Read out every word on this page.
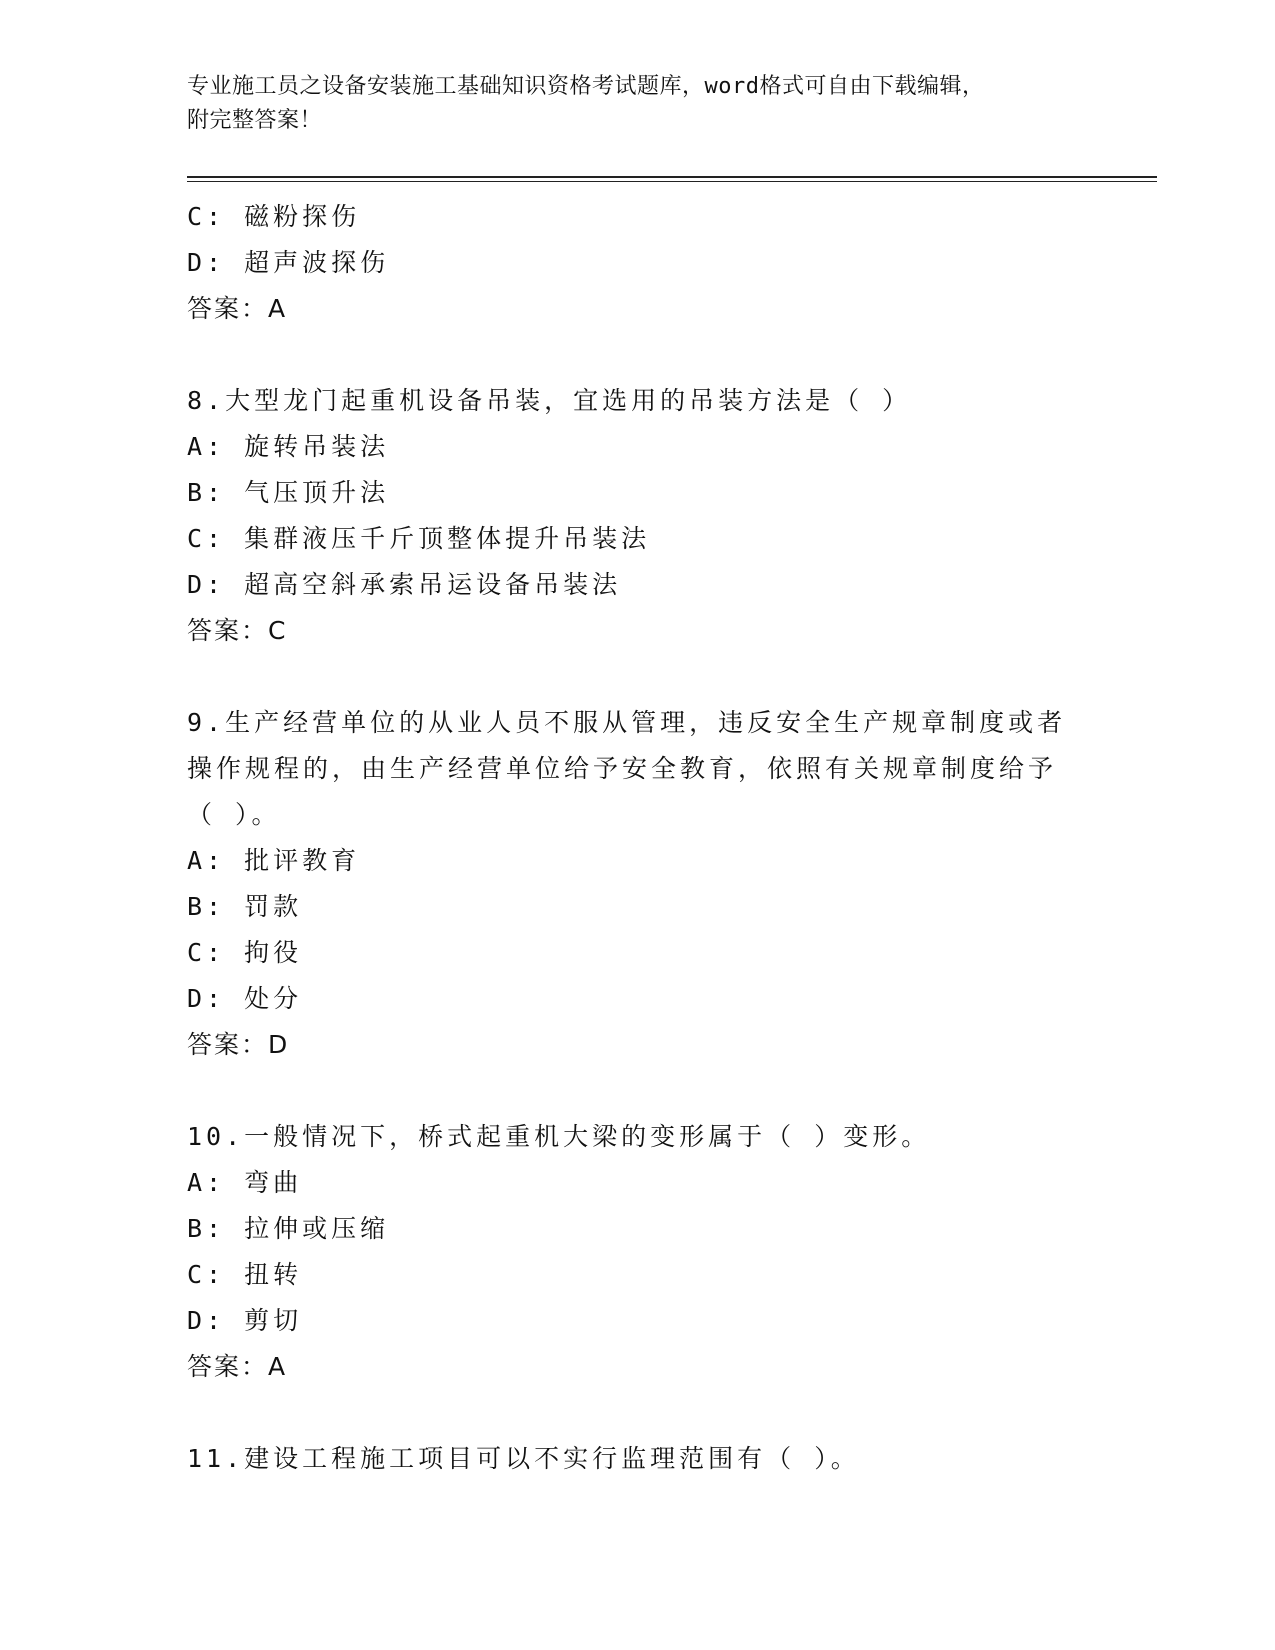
专业施工员之设备安装施工基础知识资格考试题库，word格式可自由下载编辑，
附完整答案！

C: 磁粉探伤
D: 超声波探伤
答案：A
8.大型龙门起重机设备吊装，宜选用的吊装方法是（ ）
A: 旋转吊装法
B: 气压顶升法
C: 集群液压千斤顶整体提升吊装法
D: 超高空斜承索吊运设备吊装法
答案：C
9.生产经营单位的从业人员不服从管理，违反安全生产规章制度或者
操作规程的，由生产经营单位给予安全教育，依照有关规章制度给予
（ ）。
A: 批评教育
B: 罚款
C: 拘役
D: 处分
答案：D
10.一般情况下，桥式起重机大梁的变形属于（ ）变形。
A: 弯曲
B: 拉伸或压缩
C: 扭转
D: 剪切
答案：A
11.建设工程施工项目可以不实行监理范围有（ ）。
